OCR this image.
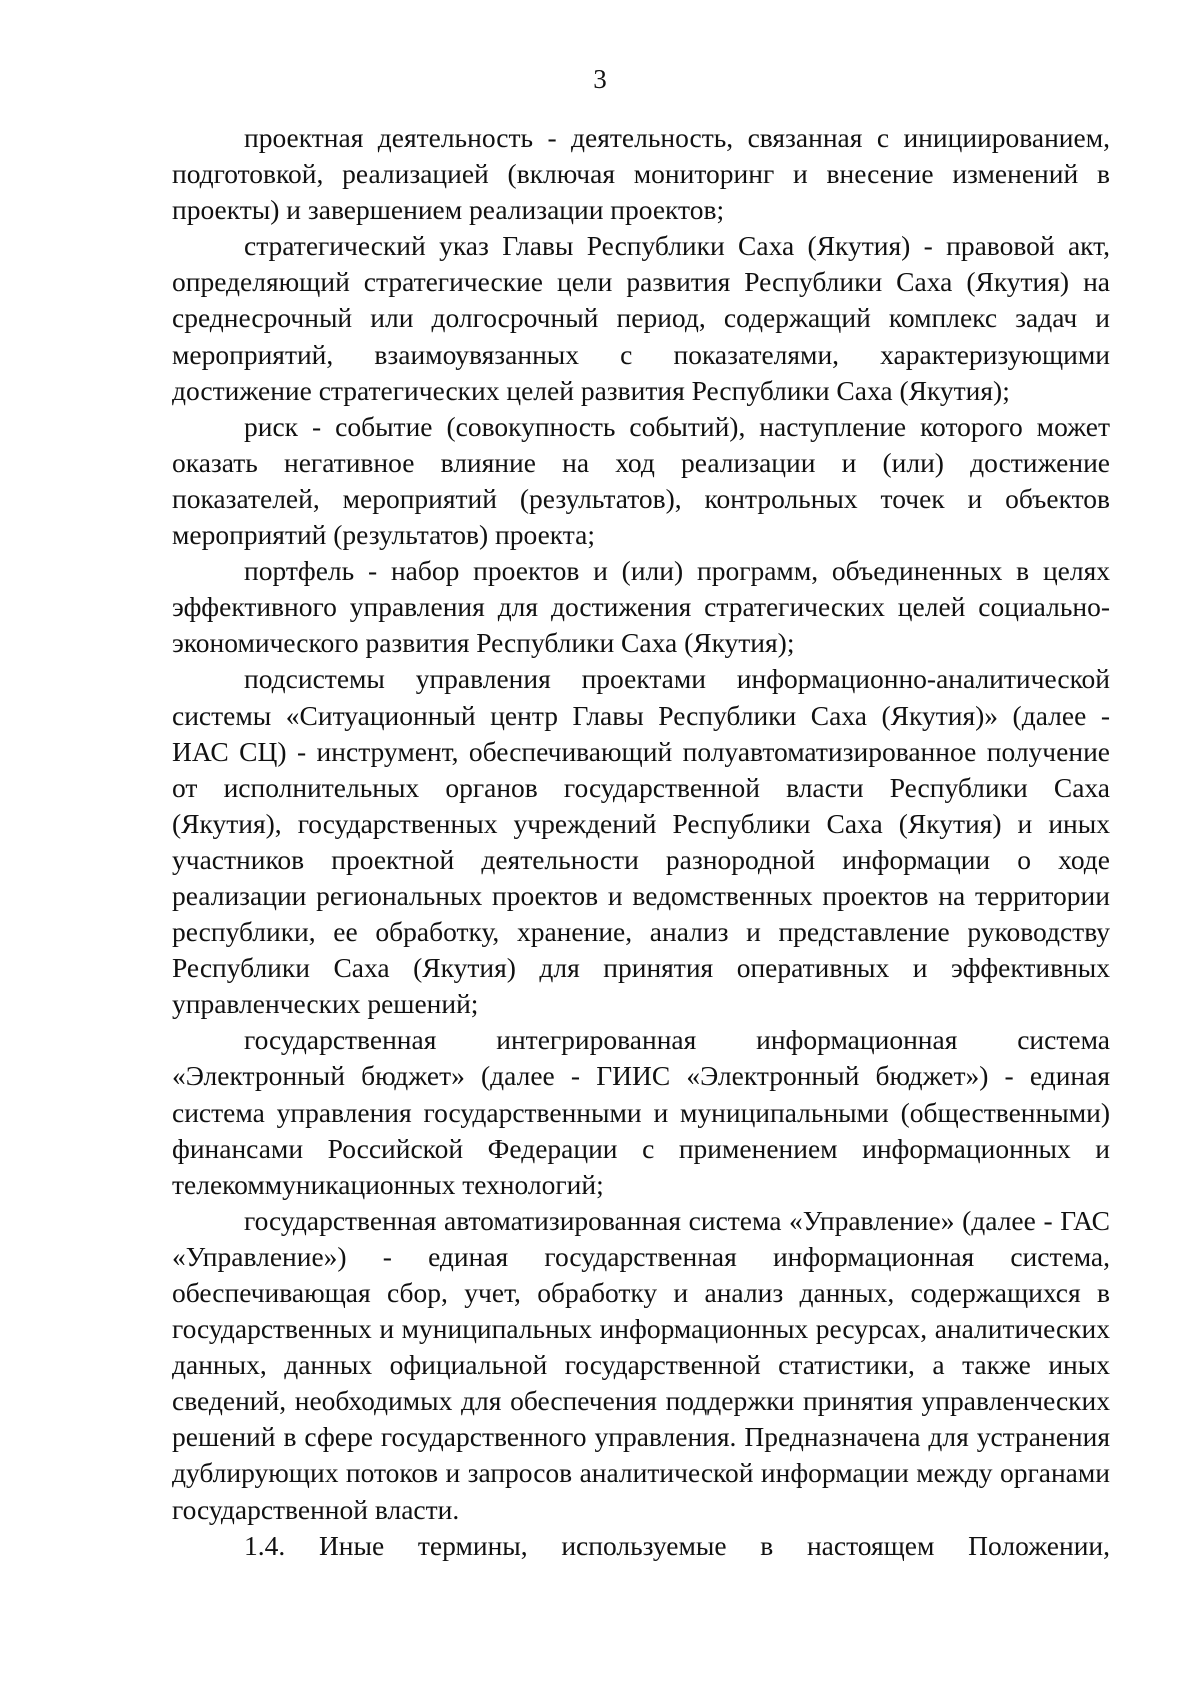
3

проектная деятельность - деятельность, связанная с инициированием, подготовкой, реализацией (включая мониторинг и внесение изменений в проекты) и завершением реализации проектов;

стратегический указ Главы Республики Саха (Якутия) - правовой акт, определяющий стратегические цели развития Республики Саха (Якутия) на среднесрочный или долгосрочный период, содержащий комплекс задач и мероприятий, взаимоувязанных с показателями, характеризующими достижение стратегических целей развития Республики Саха (Якутия);

риск - событие (совокупность событий), наступление которого может оказать негативное влияние на ход реализации и (или) достижение показателей, мероприятий (результатов), контрольных точек и объектов мероприятий (результатов) проекта;

портфель - набор проектов и (или) программ, объединенных в целях эффективного управления для достижения стратегических целей социально-экономического развития Республики Саха (Якутия);

подсистемы управления проектами информационно-аналитической системы «Ситуационный центр Главы Республики Саха (Якутия)» (далее - ИАС СЦ) - инструмент, обеспечивающий полуавтоматизированное получение от исполнительных органов государственной власти Республики Саха (Якутия), государственных учреждений Республики Саха (Якутия) и иных участников проектной деятельности разнородной информации о ходе реализации региональных проектов и ведомственных проектов на территории республики, ее обработку, хранение, анализ и представление руководству Республики Саха (Якутия) для принятия оперативных и эффективных управленческих решений;

государственная интегрированная информационная система «Электронный бюджет» (далее - ГИИС «Электронный бюджет») - единая система управления государственными и муниципальными (общественными) финансами Российской Федерации с применением информационных и телекоммуникационных технологий;

государственная автоматизированная система «Управление» (далее - ГАС «Управление») - единая государственная информационная система, обеспечивающая сбор, учет, обработку и анализ данных, содержащихся в государственных и муниципальных информационных ресурсах, аналитических данных, данных официальной государственной статистики, а также иных сведений, необходимых для обеспечения поддержки принятия управленческих решений в сфере государственного управления. Предназначена для устранения дублирующих потоков и запросов аналитической информации между органами государственной власти.

1.4. Иные термины, используемые в настоящем Положении,
